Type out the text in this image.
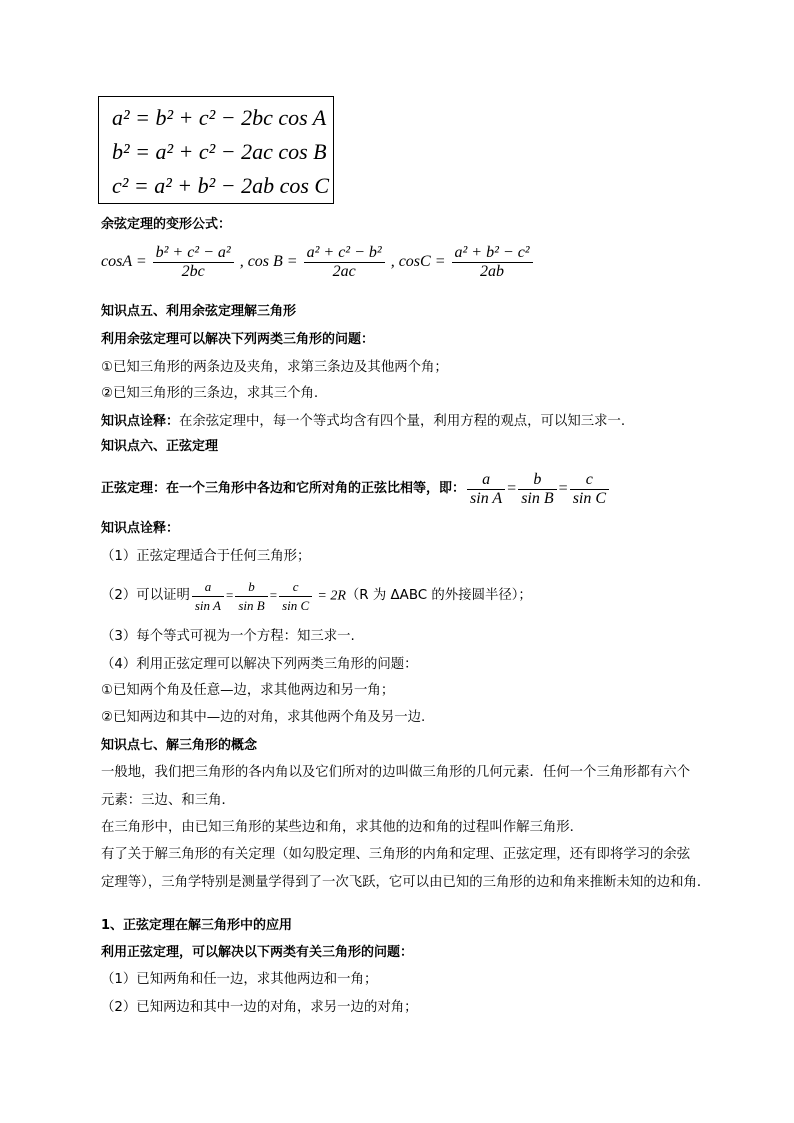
a² = b² + c² − 2bc cos A
b² = a² + c² − 2ac cos B
c² = a² + b² − 2ab cos C
余弦定理的变形公式：
$\cos A = \frac{\text{b² + c² − a²}}{2bc}$ , $\cos B = \frac{\text{a² + c² − b²}}{2ac}$ , $\cos C = \frac{\text{a² + b² − c²}}{2ab}$
知识点五、利用余弦定理解三角形
利用余弦定理可以解决下列两类三角形的问题：
①已知三角形的两条边及夹角，求第三条边及其他两个角；
②已知三角形的三条边，求其三个角.
知识点诠释：在余弦定理中，每一个等式均含有四个量，利用方程的观点，可以知三求一.
知识点六、正弦定理
正弦定理：在一个三角形中各边和它所对角的正弦比相等，即： $\frac{a}{\text{sin A}} = \frac{b}{\text{sin B}} = \frac{c}{\text{sin C}}$
知识点诠释：
（1）正弦定理适合于任何三角形；
（2）可以证明 $\frac{a}{\text{sin A}} = \frac{b}{\text{sin B}} = \frac{c}{\text{sin C}} = 2R$ （R 为 ΔABC 的外接圆半径）；
（3）每个等式可视为一个方程：知三求一.
（4）利用正弦定理可以解决下列两类三角形的问题：
①已知两个角及任意—边，求其他两边和另一角；
②已知两边和其中—边的对角，求其他两个角及另一边.
知识点七、解三角形的概念
一般地，我们把三角形的各内角以及它们所对的边叫做三角形的几何元素．任何一个三角形都有六个
元素：三边、和三角．
在三角形中，由已知三角形的某些边和角，求其他的边和角的过程叫作解三角形．
有了关于解三角形的有关定理（如勾股定理、三角形的内角和定理、正弦定理，还有即将学习的余弦
定理等），三角学特别是测量学得到了一次飞跃，它可以由已知的三角形的边和角来推断未知的边和角．
1、正弦定理在解三角形中的应用
利用正弦定理，可以解决以下两类有关三角形的问题：
（1）已知两角和任一边，求其他两边和一角；
（2）已知两边和其中一边的对角，求另一边的对角；
